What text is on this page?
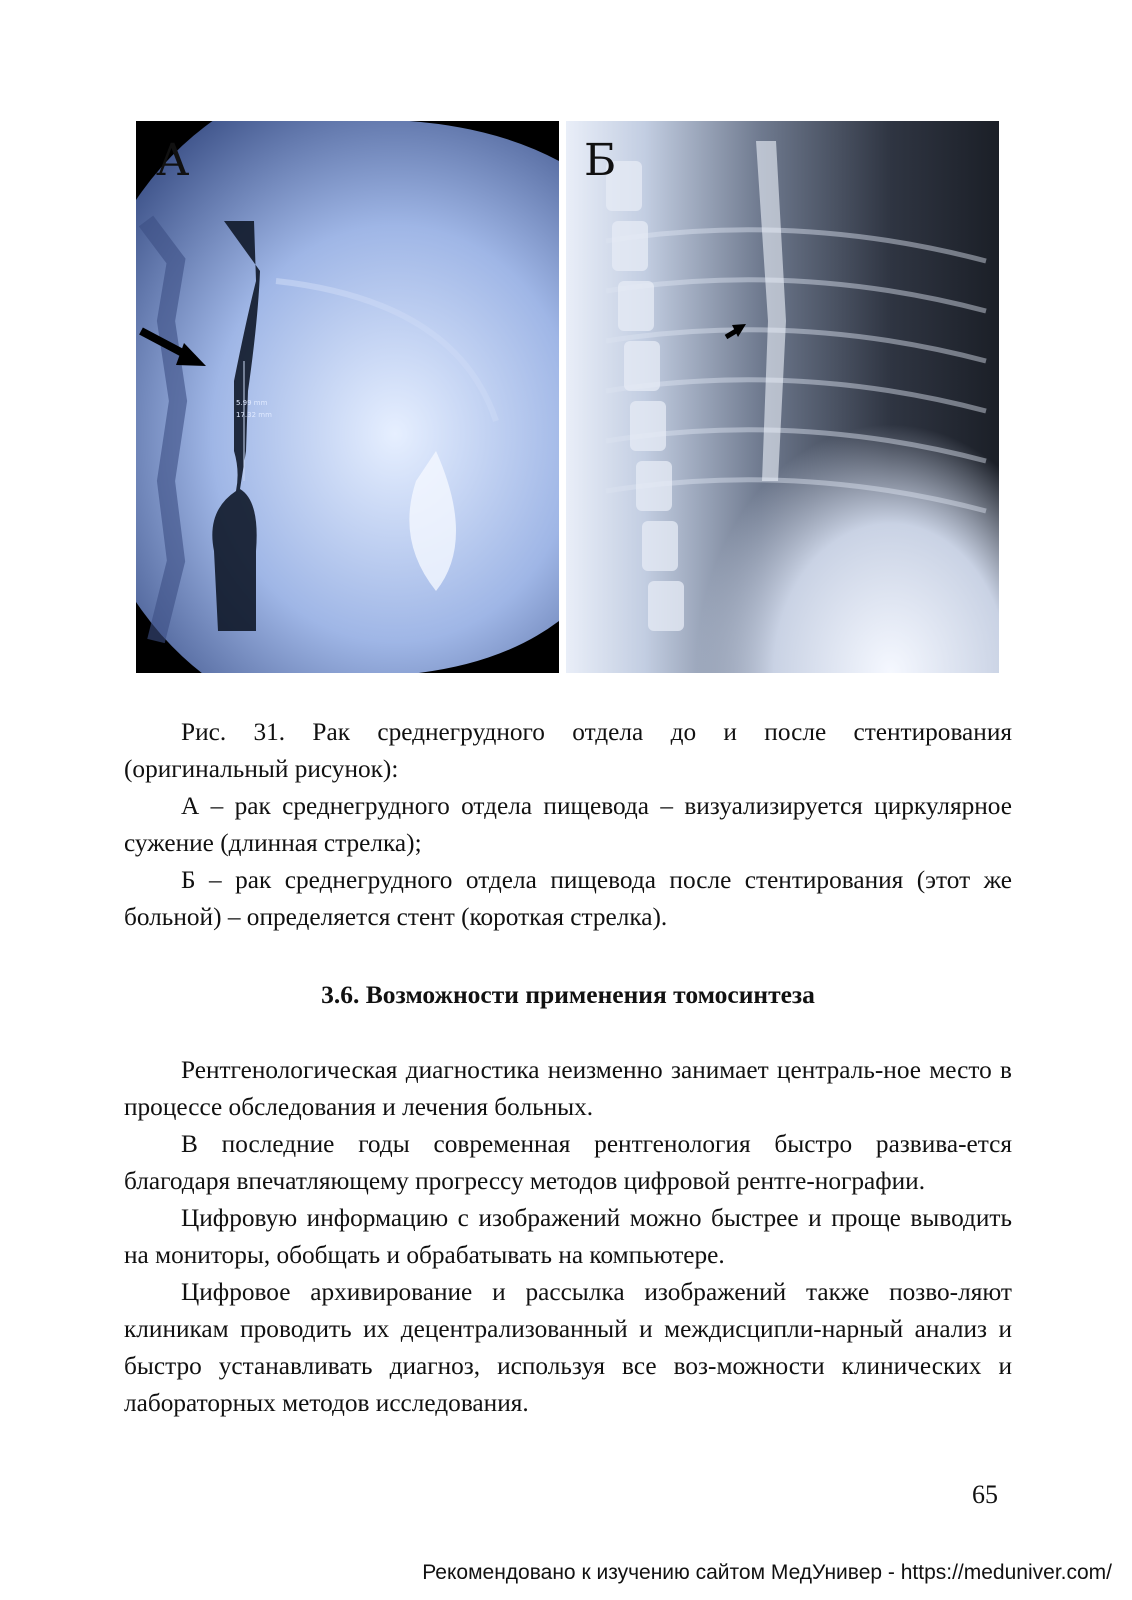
А
5.99 mm
17.32 mm
Б

Рис. 31. Рак среднегрудного отдела до и после стентирования (оригинальный рисунок):

А – рак среднегрудного отдела пищевода – визуализируется циркулярное сужение (длинная стрелка);

Б – рак среднегрудного отдела пищевода после стентирования (этот же больной) – определяется стент (короткая стрелка).

3.6. Возможности применения томосинтеза

Рентгенологическая диагностика неизменно занимает централь-ное место в процессе обследования и лечения больных.

В последние годы современная рентгенология быстро развива-ется благодаря впечатляющему прогрессу методов цифровой рентге-нографии.

Цифровую информацию с изображений можно быстрее и проще выводить на мониторы, обобщать и обрабатывать на компьютере.

Цифровое архивирование и рассылка изображений также позво-ляют клиникам проводить их децентрализованный и междисципли-нарный анализ и быстро устанавливать диагноз, используя все воз-можности клинических и лабораторных методов исследования.

65
Рекомендовано к изучению сайтом МедУнивер - https://meduniver.com/
